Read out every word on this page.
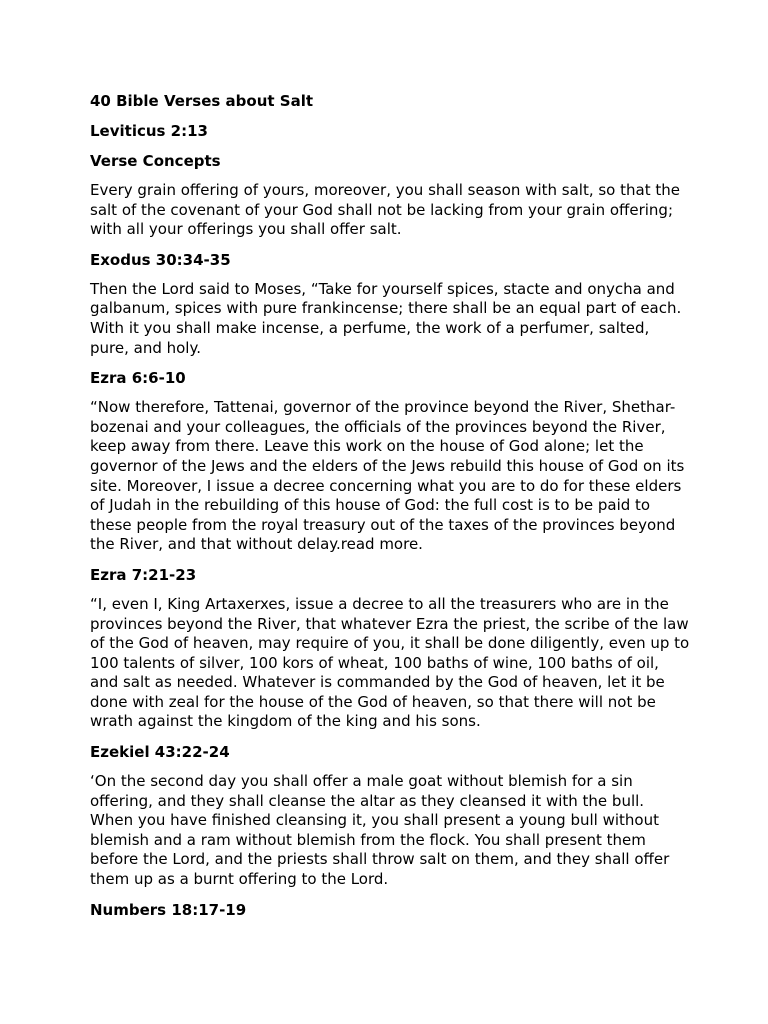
40 Bible Verses about Salt
Leviticus 2:13
Verse Concepts
Every grain offering of yours, moreover, you shall season with salt, so that the salt of the covenant of your God shall not be lacking from your grain offering; with all your offerings you shall offer salt.
Exodus 30:34-35
Then the Lord said to Moses, “Take for yourself spices, stacte and onycha and galbanum, spices with pure frankincense; there shall be an equal part of each. With it you shall make incense, a perfume, the work of a perfumer, salted, pure, and holy.
Ezra 6:6-10
“Now therefore, Tattenai, governor of the province beyond the River, Shethar-bozenai and your colleagues, the officials of the provinces beyond the River, keep away from there. Leave this work on the house of God alone; let the governor of the Jews and the elders of the Jews rebuild this house of God on its site. Moreover, I issue a decree concerning what you are to do for these elders of Judah in the rebuilding of this house of God: the full cost is to be paid to these people from the royal treasury out of the taxes of the provinces beyond the River, and that without delay.read more.
Ezra 7:21-23
“I, even I, King Artaxerxes, issue a decree to all the treasurers who are in the provinces beyond the River, that whatever Ezra the priest, the scribe of the law of the God of heaven, may require of you, it shall be done diligently, even up to 100 talents of silver, 100 kors of wheat, 100 baths of wine, 100 baths of oil, and salt as needed. Whatever is commanded by the God of heaven, let it be done with zeal for the house of the God of heaven, so that there will not be wrath against the kingdom of the king and his sons.
Ezekiel 43:22-24
‘On the second day you shall offer a male goat without blemish for a sin offering, and they shall cleanse the altar as they cleansed it with the bull. When you have finished cleansing it, you shall present a young bull without blemish and a ram without blemish from the flock. You shall present them before the Lord, and the priests shall throw salt on them, and they shall offer them up as a burnt offering to the Lord.
Numbers 18:17-19
